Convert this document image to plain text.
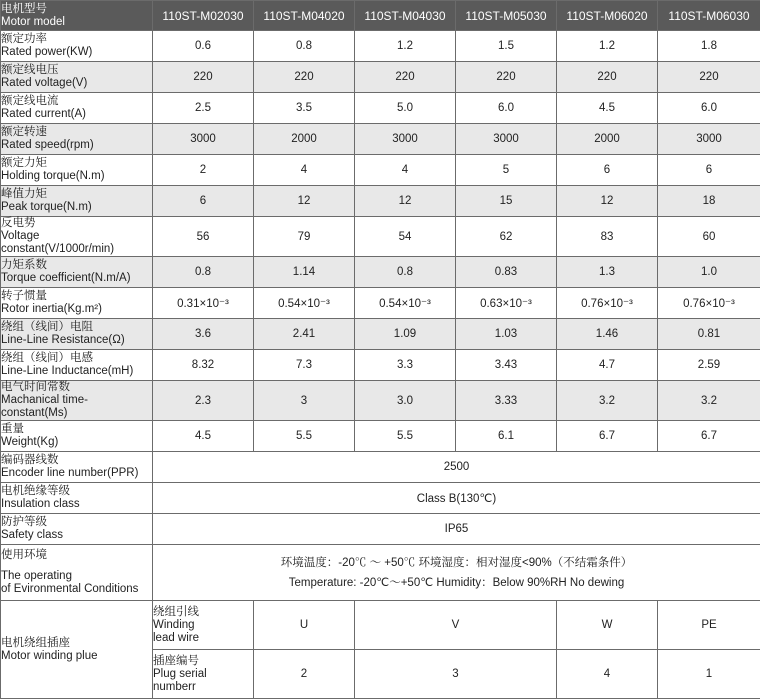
电机型号
Motor model	110ST-M02030	110ST-M04020	110ST-M04030	110ST-M05030	110ST-M06020	110ST-M06030

额定功率
Rated power(KW)	0.6	0.8	1.2	1.5	1.2	1.8

额定线电压
Rated voltage(V)	220	220	220	220	220	220

额定线电流
Rated current(A)	2.5	3.5	5.0	6.0	4.5	6.0

额定转速
Rated speed(rpm)	3000	2000	3000	3000	2000	3000

额定力矩
Holding torque(N.m)	2	4	4	5	6	6

峰值力矩
Peak torque(N.m)	6	12	12	15	12	18

反电势
Voltage constant(V/1000r/min)	56	79	54	62	83	60

力矩系数
Torque coefficient(N.m/A)	0.8	1.14	0.8	0.83	1.3	1.0

转子惯量
Rotor inertia(Kg.m²)	0.31×10⁻³	0.54×10⁻³	0.54×10⁻³	0.63×10⁻³	0.76×10⁻³	0.76×10⁻³

绕组（线间）电阻
Line-Line Resistance(Ω)	3.6	2.41	1.09	1.03	1.46	0.81

绕组（线间）电感
Line-Line Inductance(mH)	8.32	7.3	3.3	3.43	4.7	2.59

电气时间常数
Machanical time-constant(Ms)	2.3	3	3.0	3.33	3.2	3.2

重量
Weight(Kg)	4.5	5.5	5.5	6.1	6.7	6.7

编码器线数
Encoder line number(PPR)	2500					

电机绝缘等级
Insulation class	Class B(130℃)					

防护等级
Safety class	IP65					

使用环境
The operating
of Evironmental Conditions	环境温度：-20℃ ～ +50℃ 环境湿度：相对湿度<90%（不结霜条件）
Temperature: -20℃～+50℃ Humidity：Below 90%RH No dewing					

电机绕组插座
Motor winding plue	绕组引线
Winding
lead wire	U	V		W	PE

	插座编号
Plug serial
numberr	2	3		4	1
